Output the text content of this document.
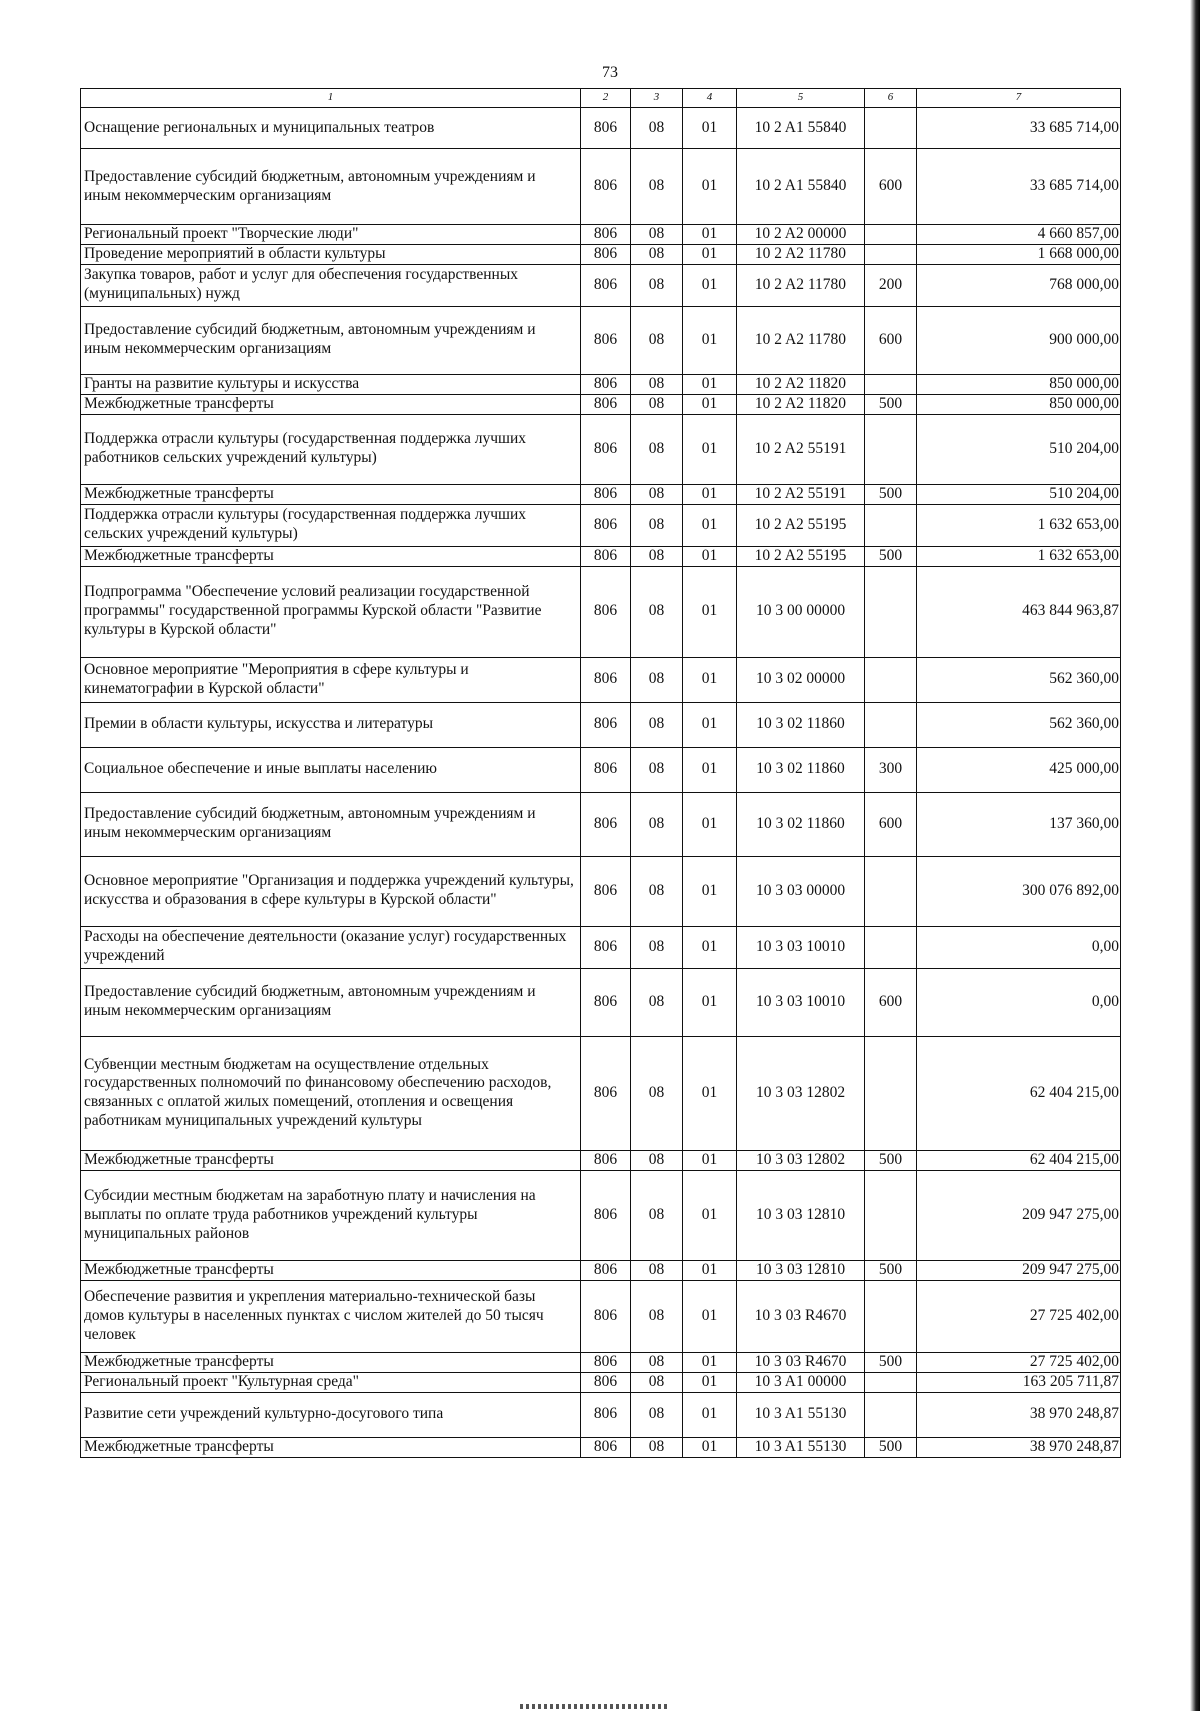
73
1	2	3	4	5	6	7
Оснащение региональных и муниципальных театров	806	08	01	10 2 A1 55840		33 685 714,00
Предоставление субсидий бюджетным, автономным учреждениям и иным некоммерческим организациям	806	08	01	10 2 A1 55840	600	33 685 714,00
Региональный проект "Творческие люди"	806	08	01	10 2 A2 00000		4 660 857,00
Проведение мероприятий в области культуры	806	08	01	10 2 A2 11780		1 668 000,00
Закупка товаров, работ и услуг для обеспечения государственных (муниципальных) нужд	806	08	01	10 2 A2 11780	200	768 000,00
Предоставление субсидий бюджетным, автономным учреждениям и иным некоммерческим организациям	806	08	01	10 2 A2 11780	600	900 000,00
Гранты на развитие культуры и искусства	806	08	01	10 2 A2 11820		850 000,00
Межбюджетные трансферты	806	08	01	10 2 A2 11820	500	850 000,00
Поддержка отрасли культуры (государственная поддержка лучших работников сельских учреждений культуры)	806	08	01	10 2 A2 55191		510 204,00
Межбюджетные трансферты	806	08	01	10 2 A2 55191	500	510 204,00
Поддержка отрасли культуры (государственная поддержка лучших сельских учреждений культуры)	806	08	01	10 2 A2 55195		1 632 653,00
Межбюджетные трансферты	806	08	01	10 2 A2 55195	500	1 632 653,00
Подпрограмма "Обеспечение условий реализации государственной программы" государственной программы Курской области "Развитие культуры в Курской области"	806	08	01	10 3 00 00000		463 844 963,87
Основное мероприятие "Мероприятия в сфере культуры и кинематографии в Курской области"	806	08	01	10 3 02 00000		562 360,00
Премии в области культуры, искусства и литературы	806	08	01	10 3 02 11860		562 360,00
Социальное обеспечение и иные выплаты населению	806	08	01	10 3 02 11860	300	425 000,00
Предоставление субсидий бюджетным, автономным учреждениям и иным некоммерческим организациям	806	08	01	10 3 02 11860	600	137 360,00
Основное мероприятие "Организация и поддержка учреждений культуры, искусства и образования в сфере культуры в Курской области"	806	08	01	10 3 03 00000		300 076 892,00
Расходы на обеспечение деятельности (оказание услуг) государственных учреждений	806	08	01	10 3 03 10010		0,00
Предоставление субсидий бюджетным, автономным учреждениям и иным некоммерческим организациям	806	08	01	10 3 03 10010	600	0,00
Субвенции местным бюджетам на осуществление отдельных государственных полномочий по финансовому обеспечению расходов, связанных с оплатой жилых помещений, отопления и освещения работникам муниципальных учреждений культуры	806	08	01	10 3 03 12802		62 404 215,00
Межбюджетные трансферты	806	08	01	10 3 03 12802	500	62 404 215,00
Субсидии местным бюджетам на заработную плату и начисления на выплаты по оплате труда работников учреждений культуры муниципальных районов	806	08	01	10 3 03 12810		209 947 275,00
Межбюджетные трансферты	806	08	01	10 3 03 12810	500	209 947 275,00
Обеспечение развития и укрепления материально-технической базы домов культуры в населенных пунктах с числом жителей до 50 тысяч человек	806	08	01	10 3 03 R4670		27 725 402,00
Межбюджетные трансферты	806	08	01	10 3 03 R4670	500	27 725 402,00
Региональный проект "Культурная среда"	806	08	01	10 3 A1 00000		163 205 711,87
Развитие сети учреждений культурно-досугового типа	806	08	01	10 3 A1 55130		38 970 248,87
Межбюджетные трансферты	806	08	01	10 3 A1 55130	500	38 970 248,87
